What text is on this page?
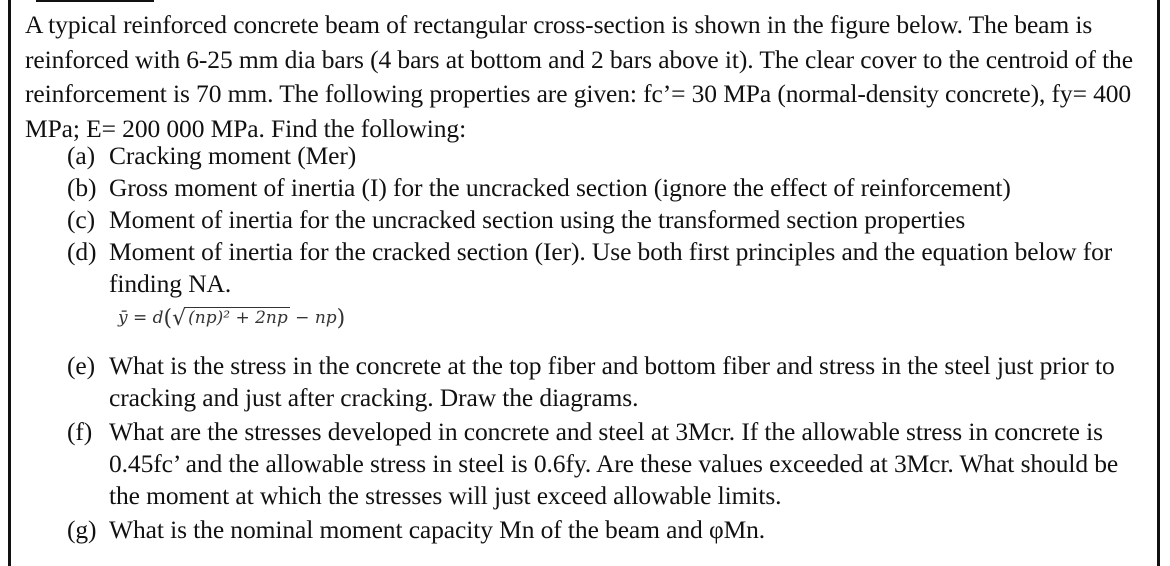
A typical reinforced concrete beam of rectangular cross-section is shown in the figure below. The beam is reinforced with 6-25 mm dia bars (4 bars at bottom and 2 bars above it). The clear cover to the centroid of the reinforcement is 70 mm. The following properties are given: fc’= 30 MPa (normal-density concrete), fy= 400 MPa; E= 200 000 MPa. Find the following:

(a) Cracking moment (Mer)
(b) Gross moment of inertia (I) for the uncracked section (ignore the effect of reinforcement)
(c) Moment of inertia for the uncracked section using the transformed section properties
(d) Moment of inertia for the cracked section (Ier). Use both first principles and the equation below for finding NA.
(e) What is the stress in the concrete at the top fiber and bottom fiber and stress in the steel just prior to cracking and just after cracking. Draw the diagrams.
(f) What are the stresses developed in concrete and steel at 3Mcr. If the allowable stress in concrete is 0.45fc’ and the allowable stress in steel is 0.6fy. Are these values exceeded at 3Mcr. What should be the moment at which the stresses will just exceed allowable limits.
(g) What is the nominal moment capacity Mn of the beam and φMn.
ȳ = d(√ (np)² + 2np − np)
